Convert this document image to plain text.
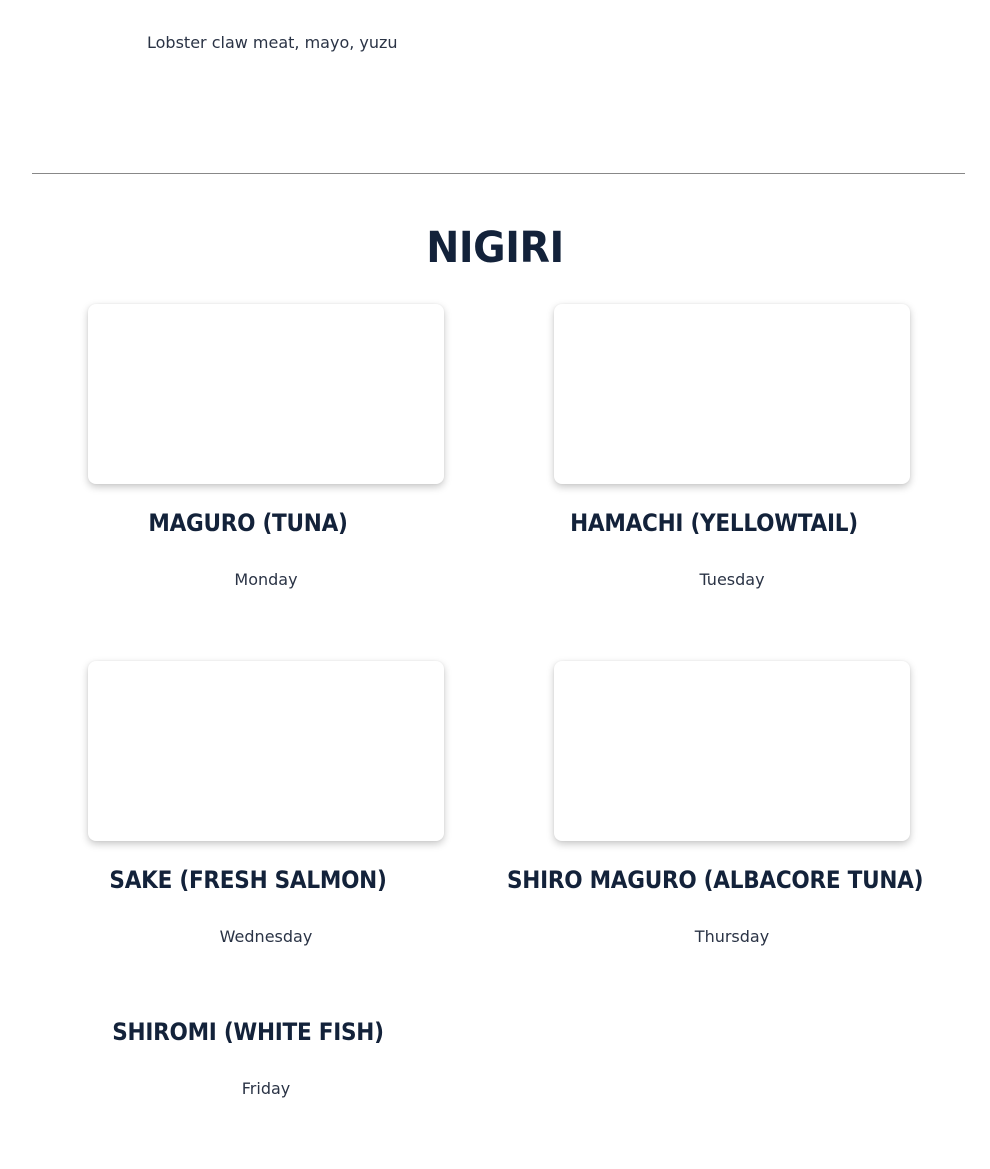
Lobster claw meat, mayo, yuzu
NIGIRI
MAGURO (TUNA)
Monday
HAMACHI (YELLOWTAIL)
Tuesday
SAKE (FRESH SALMON)
Wednesday
SHIRO MAGURO (ALBACORE TUNA)
Thursday
SHIROMI (WHITE FISH)
Friday
